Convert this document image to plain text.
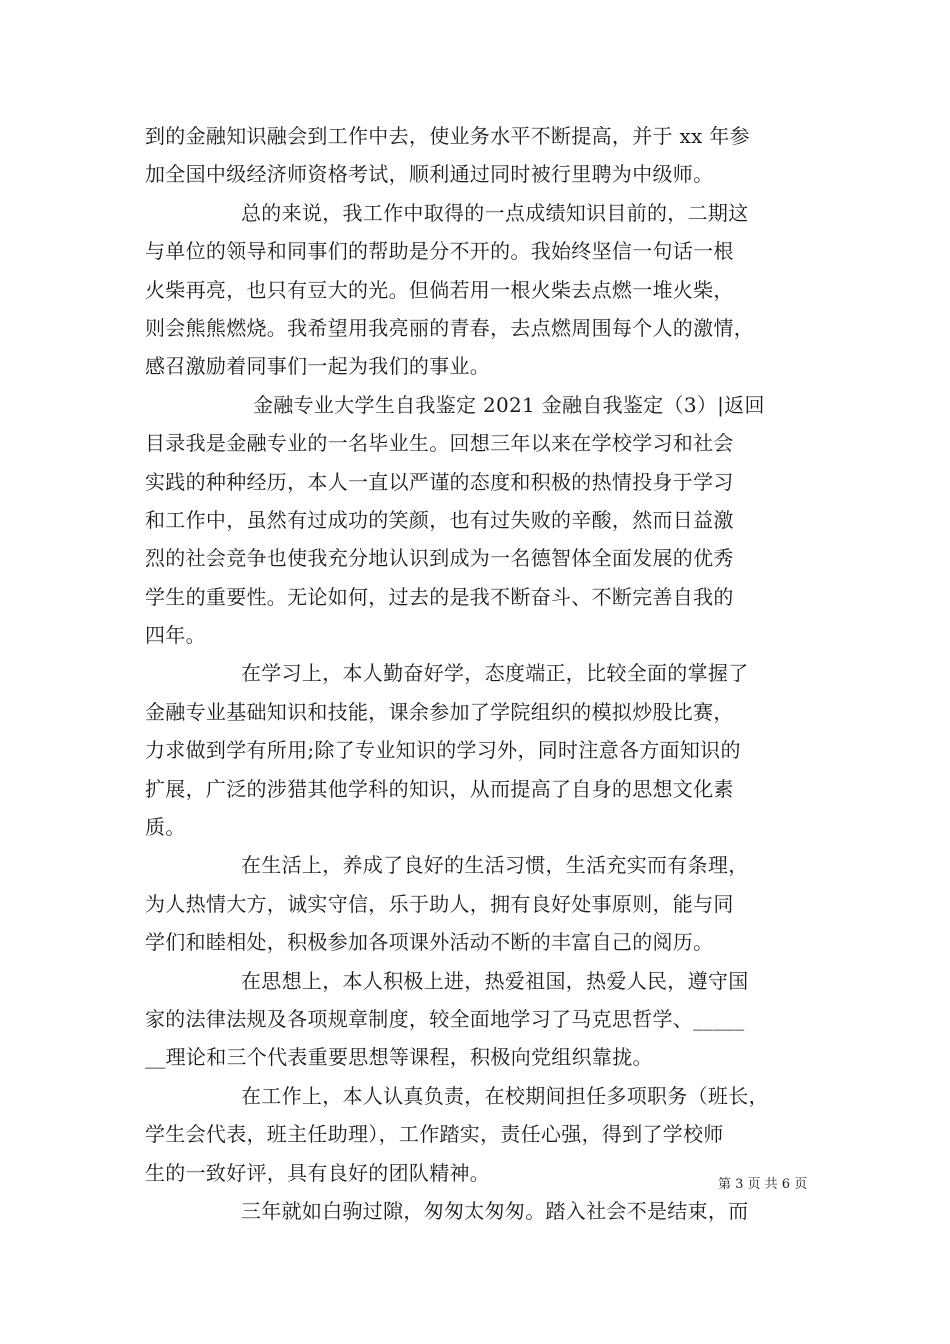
到的金融知识融会到工作中去，使业务水平不断提高，并于 xx 年参
加全国中级经济师资格考试，顺利通过同时被行里聘为中级师。
总的来说，我工作中取得的一点成绩知识目前的，二期这
与单位的领导和同事们的帮助是分不开的。我始终坚信一句话一根
火柴再亮，也只有豆大的光。但倘若用一根火柴去点燃一堆火柴，
则会熊熊燃烧。我希望用我亮丽的青春，去点燃周围每个人的激情，
感召激励着同事们一起为我们的事业。
金融专业大学生自我鉴定 2021 金融自我鉴定（3）|返回
目录我是金融专业的一名毕业生。回想三年以来在学校学习和社会
实践的种种经历，本人一直以严谨的态度和积极的热情投身于学习
和工作中，虽然有过成功的笑颜，也有过失败的辛酸，然而日益激
烈的社会竞争也使我充分地认识到成为一名德智体全面发展的优秀
学生的重要性。无论如何，过去的是我不断奋斗、不断完善自我的
四年。
在学习上，本人勤奋好学，态度端正，比较全面的掌握了
金融专业基础知识和技能，课余参加了学院组织的模拟炒股比赛，
力求做到学有所用;除了专业知识的学习外，同时注意各方面知识的
扩展，广泛的涉猎其他学科的知识，从而提高了自身的思想文化素
质。
在生活上，养成了良好的生活习惯，生活充实而有条理，
为人热情大方，诚实守信，乐于助人，拥有良好处事原则，能与同
学们和睦相处，积极参加各项课外活动不断的丰富自己的阅历。
在思想上，本人积极上进，热爱祖国，热爱人民，遵守国
家的法律法规及各项规章制度，较全面地学习了马克思哲学、_____
__理论和三个代表重要思想等课程，积极向党组织靠拢。
在工作上，本人认真负责，在校期间担任多项职务（班长，
学生会代表，班主任助理），工作踏实，责任心强，得到了学校师
生的一致好评，具有良好的团队精神。
三年就如白驹过隙，匆匆太匆匆。踏入社会不是结束，而
第 3 页 共 6 页
